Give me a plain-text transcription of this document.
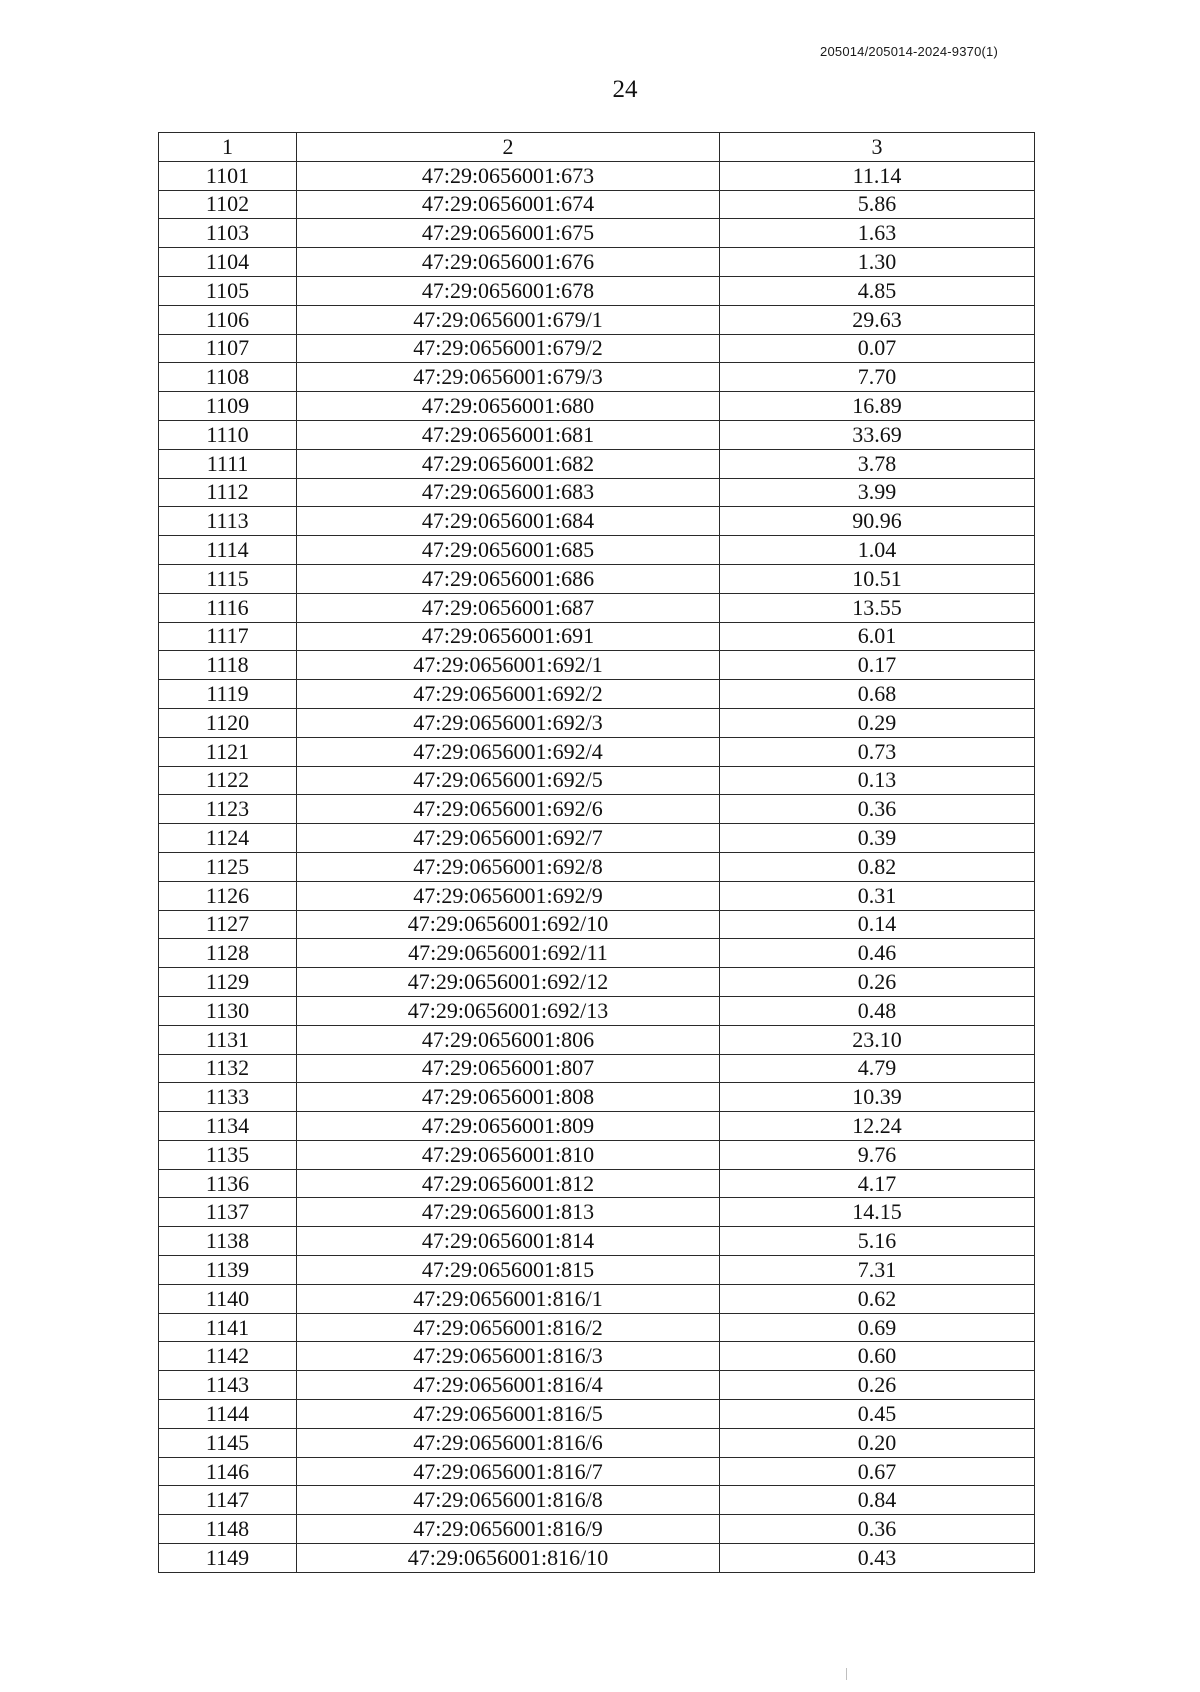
205014/205014-2024-9370(1)
24
1	2	3
1101	47:29:0656001:673	11.14
1102	47:29:0656001:674	5.86
1103	47:29:0656001:675	1.63
1104	47:29:0656001:676	1.30
1105	47:29:0656001:678	4.85
1106	47:29:0656001:679/1	29.63
1107	47:29:0656001:679/2	0.07
1108	47:29:0656001:679/3	7.70
1109	47:29:0656001:680	16.89
1110	47:29:0656001:681	33.69
1111	47:29:0656001:682	3.78
1112	47:29:0656001:683	3.99
1113	47:29:0656001:684	90.96
1114	47:29:0656001:685	1.04
1115	47:29:0656001:686	10.51
1116	47:29:0656001:687	13.55
1117	47:29:0656001:691	6.01
1118	47:29:0656001:692/1	0.17
1119	47:29:0656001:692/2	0.68
1120	47:29:0656001:692/3	0.29
1121	47:29:0656001:692/4	0.73
1122	47:29:0656001:692/5	0.13
1123	47:29:0656001:692/6	0.36
1124	47:29:0656001:692/7	0.39
1125	47:29:0656001:692/8	0.82
1126	47:29:0656001:692/9	0.31
1127	47:29:0656001:692/10	0.14
1128	47:29:0656001:692/11	0.46
1129	47:29:0656001:692/12	0.26
1130	47:29:0656001:692/13	0.48
1131	47:29:0656001:806	23.10
1132	47:29:0656001:807	4.79
1133	47:29:0656001:808	10.39
1134	47:29:0656001:809	12.24
1135	47:29:0656001:810	9.76
1136	47:29:0656001:812	4.17
1137	47:29:0656001:813	14.15
1138	47:29:0656001:814	5.16
1139	47:29:0656001:815	7.31
1140	47:29:0656001:816/1	0.62
1141	47:29:0656001:816/2	0.69
1142	47:29:0656001:816/3	0.60
1143	47:29:0656001:816/4	0.26
1144	47:29:0656001:816/5	0.45
1145	47:29:0656001:816/6	0.20
1146	47:29:0656001:816/7	0.67
1147	47:29:0656001:816/8	0.84
1148	47:29:0656001:816/9	0.36
1149	47:29:0656001:816/10	0.43
